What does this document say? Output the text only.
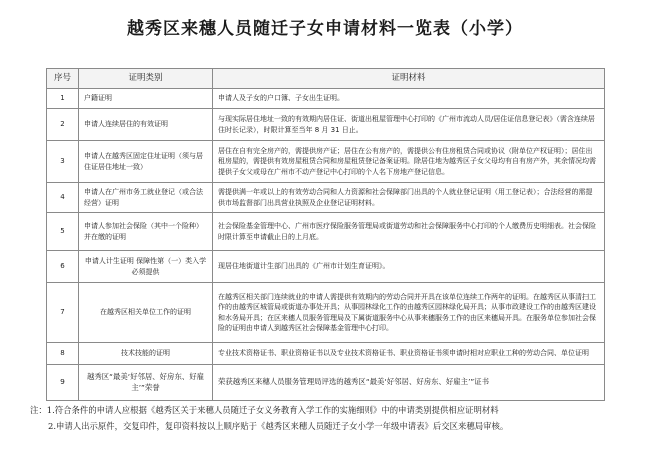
越秀区来穗人员随迁子女申请材料一览表（小学）
序号	证明类别	证明材料
1	户籍证明	申请人及子女的户口簿、子女出生证明。
2	申请人连续居住的有效证明	与现实际居住地址一致的有效期内居住证、街道出租屋管理中心打印的《广州市流动人员/居住证信息登记表》（需含连续居住时长记录），时限计算至当年 8 月 31 日止。
3	申请人在越秀区固定住址证明（须与居住证居住地址一致）	居住在自有完全房产的，需提供房产证；居住在公有房产的，需提供公有住房租赁合同或协议（附单位产权证明）；居住出租房屋的，需提供有效房屋租赁合同和房屋租赁登记备案证明。除居住地为越秀区子女父母均有自有房产外，其余情况均需提供子女父或母在广州市不动产登记中心打印的个人名下房地产登记信息。
4	申请人在广州市务工就业登记（或合法经营）证明	需提供满一年或以上的有效劳动合同和人力资源和社会保障部门出具的个人就业登记证明（用工登记表）；合法经营的需提供市场监督部门出具营业执照及企业登记证明材料。
5	申请人参加社会保险（其中一个险种）并在缴的证明	社会保险基金管理中心、广州市医疗保险服务管理局或街道劳动和社会保障服务中心打印的个人缴费历史明细表。社会保险时限计算至申请截止日的上月底。
6	申请人计生证明 保障性第（一）类入学必须提供	现居住地街道计生部门出具的《广州市计划生育证明》。
7	在越秀区相关单位工作的证明	在越秀区相关部门连续就业的申请人需提供有效期内的劳动合同并开具在该单位连续工作两年的证明。在越秀区从事清扫工作的由越秀区城管局或街道办事处开具；从事园林绿化工作的由越秀区园林绿化局开具；从事市政建设工作的由越秀区建设和水务局开具；在区来穗人员服务管理局及下属街道服务中心从事来穗服务工作的由区来穗局开具。在服务单位参加社会保险的证明由申请人到越秀区社会保障基金管理中心打印。
8	技术技能的证明	专业技术资格证书、职业资格证书以及专业技术资格证书、职业资格证书须申请时相对应职业工种的劳动合同、单位证明
9	越秀区“最美‘好邻居、好房东、好雇主’”荣誉	荣获越秀区来穗人员服务管理局评选的越秀区“最美‘好邻居、好房东、好雇主’”证书
注：1.符合条件的申请人应根据《越秀区关于来穗人员随迁子女义务教育入学工作的实施细则》中的申请类别提供相应证明材料
2.申请人出示原件，交复印件，复印资料按以上顺序贴于《越秀区来穗人员随迁子女小学一年级申请表》后交区来穗局审核。
